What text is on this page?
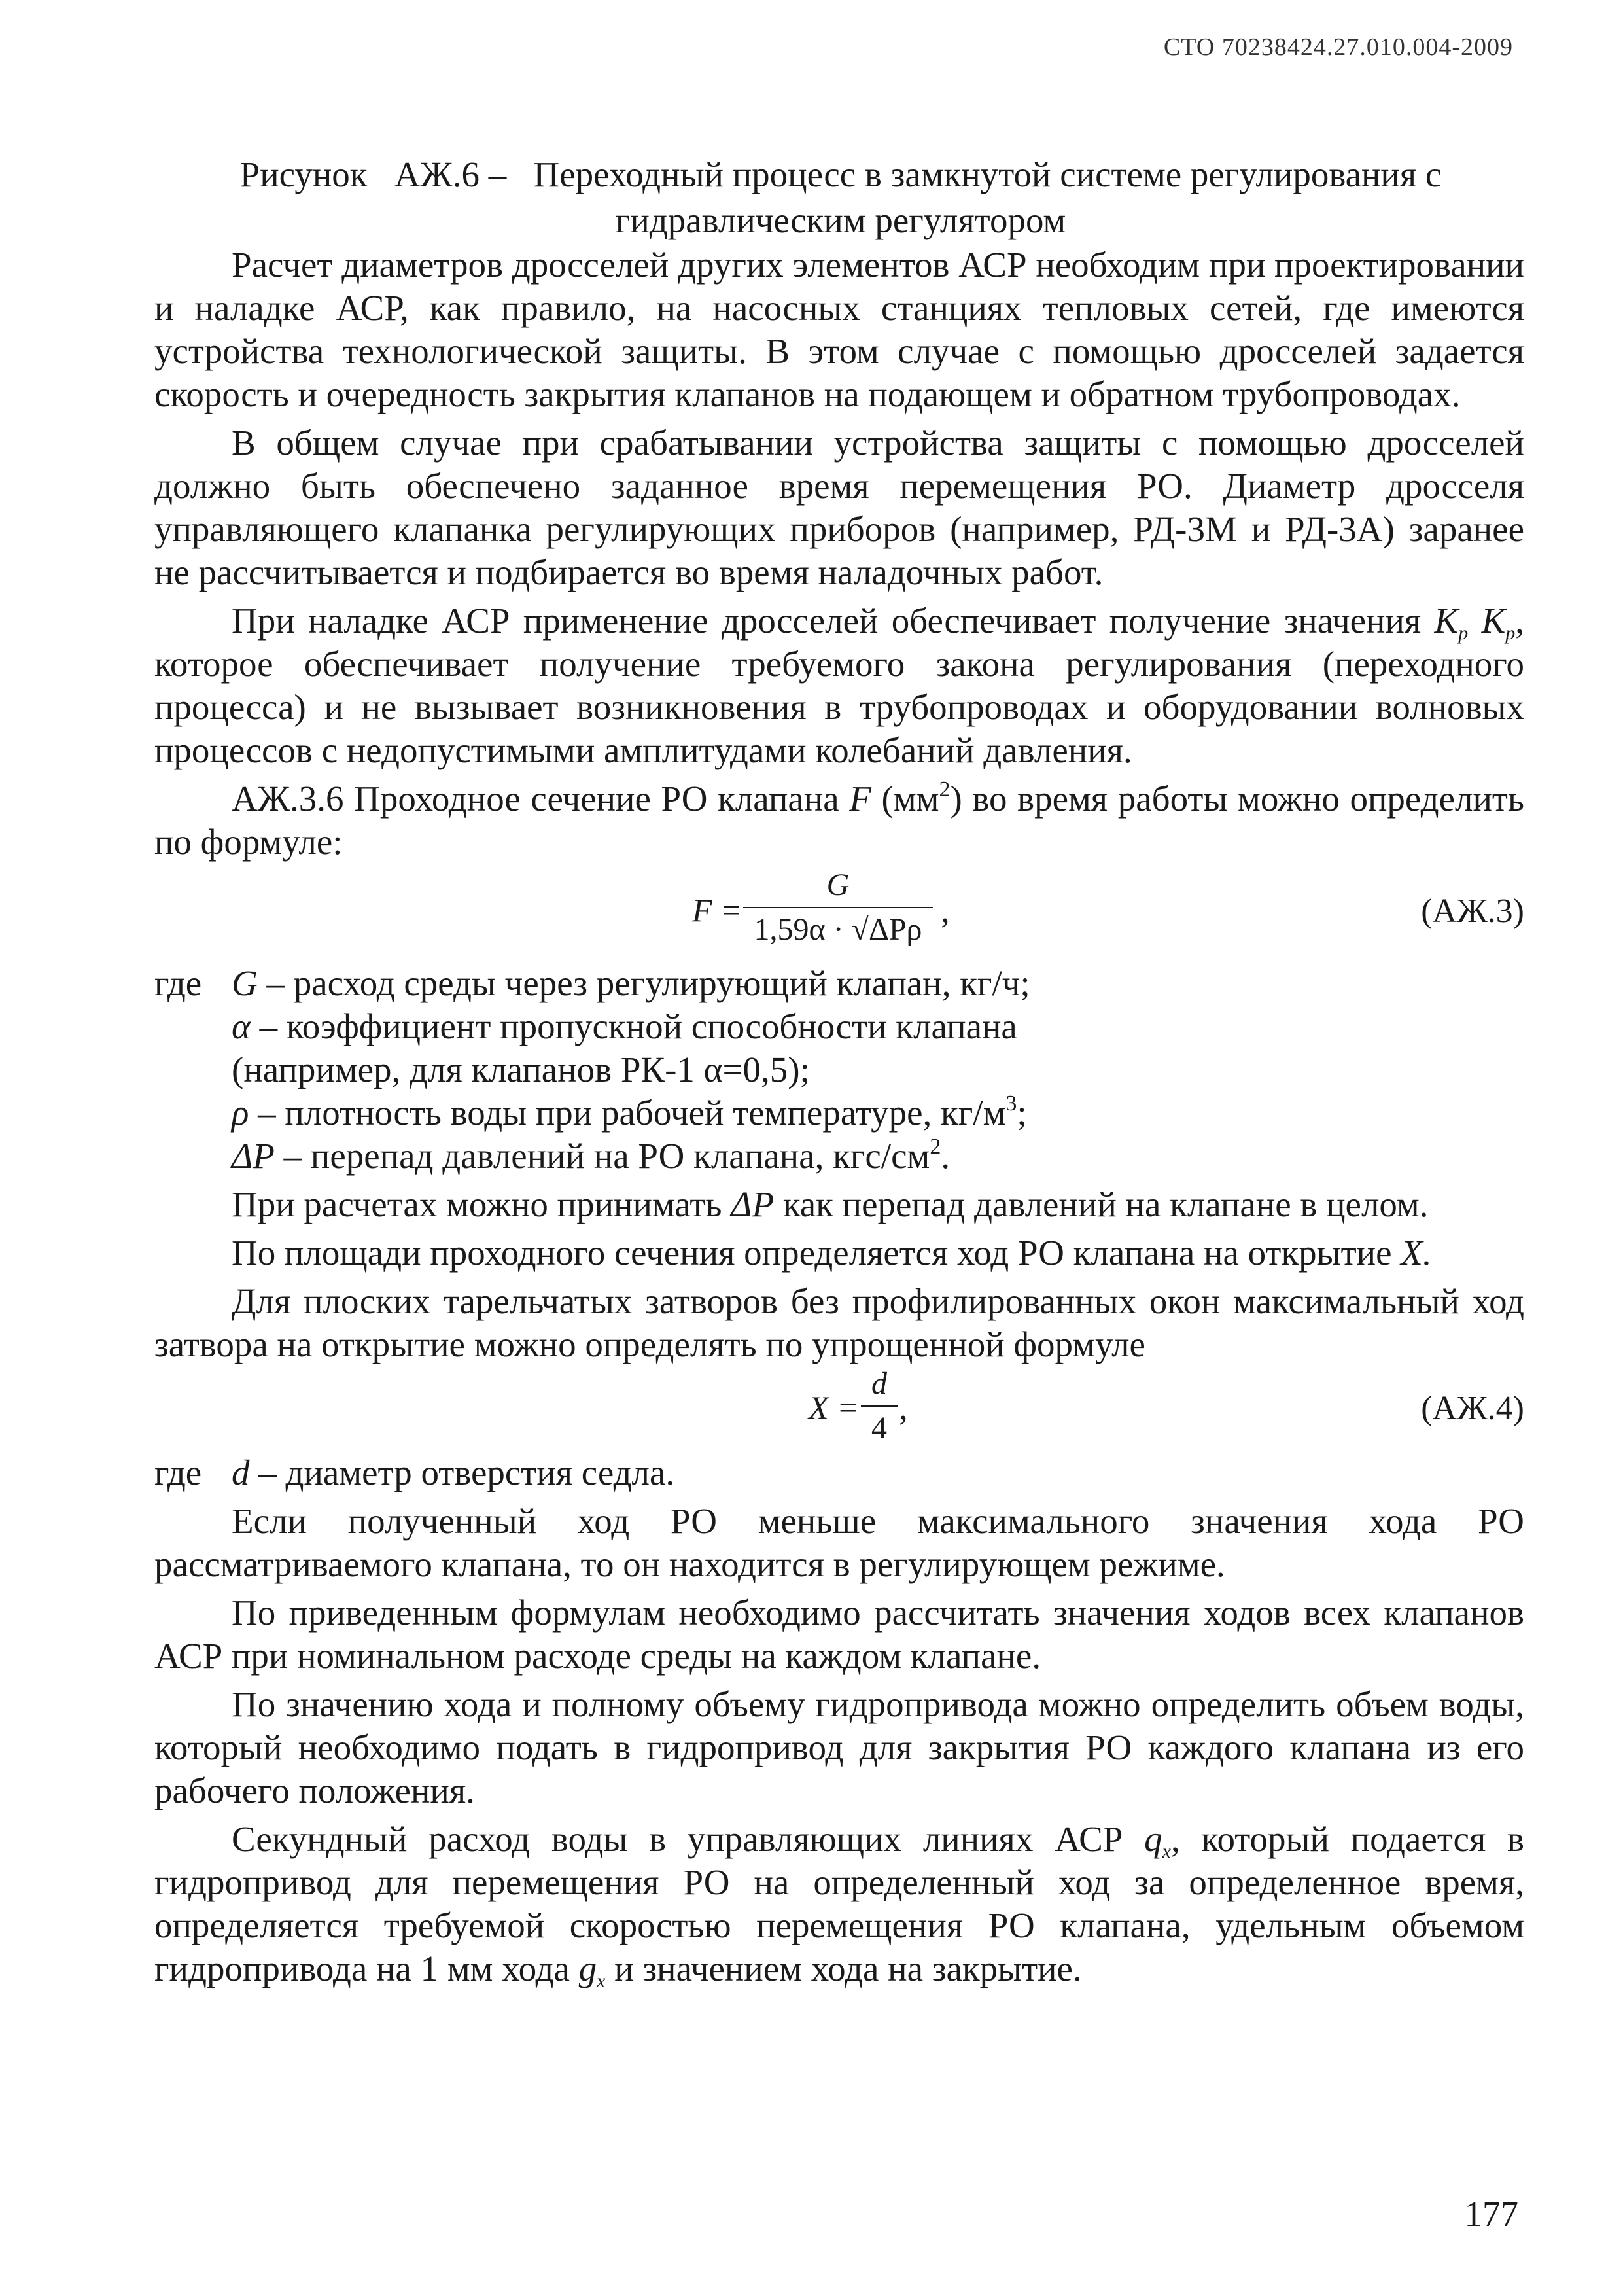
СТО 70238424.27.010.004-2009
Рисунок   АЖ.6 –   Переходный процесс в замкнутой системе регулирования с
гидравлическим регулятором

Расчет диаметров дросселей других элементов АСР необходим при проектировании и наладке АСР, как правило, на насосных станциях тепловых сетей, где имеются устройства технологической защиты. В этом случае с помощью дросселей задается скорость и очередность закрытия клапанов на подающем и обратном трубопроводах.

В общем случае при срабатывании устройства защиты с помощью дросселей должно быть обеспечено заданное время перемещения РО. Диаметр дросселя управляющего клапанка регулирующих приборов (например, РД-3М и РД-3А) заранее не рассчитывается и подбирается во время наладочных работ.

При наладке АСР применение дросселей обеспечивает получение значения $K_р$ $K_р$, которое обеспечивает получение требуемого закона регулирования (переходного процесса) и не вызывает возникновения в трубопроводах и оборудовании волновых процессов с недопустимыми амплитудами колебаний давления.

АЖ.3.6 Проходное сечение РО клапана F $(мм^2)$ во время работы можно определить по формуле:

F =
G
1,59α · √ΔPρ ,	(АЖ.3)

где G – расход среды через регулирующий клапан, кг/ч;

α – коэффициент пропускной способности клапана

(например, для клапанов РК-1 α=0,5);

ρ – плотность воды при рабочей температуре, $кг/м^3$;

ΔP – перепад давлений на РО клапана, кгс/$см^2$.

При расчетах можно принимать ΔP как перепад давлений на клапане в целом.

По площади проходного сечения определяется ход РО клапана на открытие X.

Для плоских тарельчатых затворов без профилированных окон максимальный ход затвора на открытие можно определять по упрощенной формуле

$X = \frac{d}{4}$ ,	(АЖ.4)

где d – диаметр отверстия седла.

Если полученный ход РО меньше максимального значения хода РО рассматриваемого клапана, то он находится в регулирующем режиме.

По приведенным формулам необходимо рассчитать значения ходов всех клапанов АСР при номинальном расходе среды на каждом клапане.

По значению хода и полному объему гидропривода можно определить объем воды, который необходимо подать в гидропривод для закрытия РО каждого клапана из его рабочего положения.

Секундный расход воды в управляющих линиях АСР $q_х$, который подается в гидропривод для перемещения РО на определенный ход за определенное время, определяется требуемой скоростью перемещения РО клапана, удельным объемом гидропривода на 1 мм хода $g_х$ и значением хода на закрытие.

177
